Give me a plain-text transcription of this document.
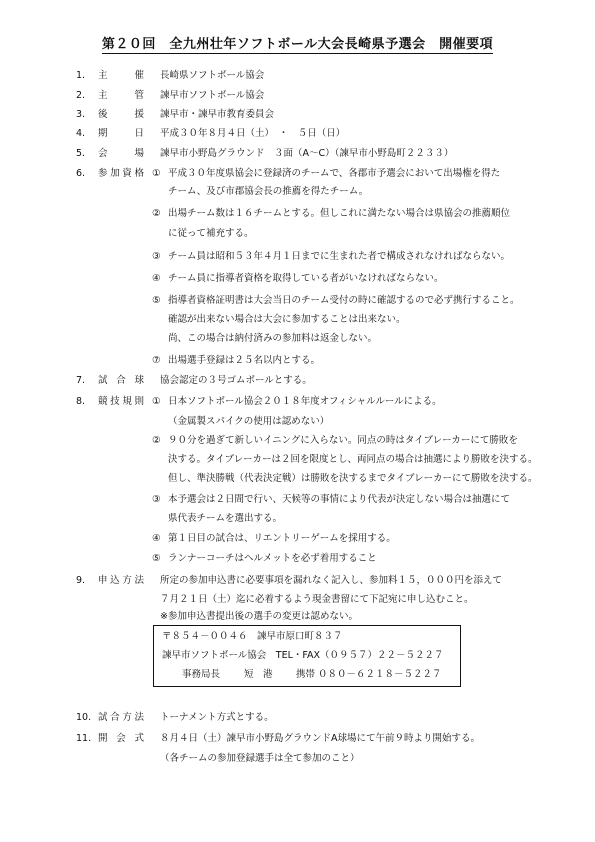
第２０回　全九州壮年ソフトボール大会長崎県予選会　開催要項
1. 主　　催 長崎県ソフトボール協会
2. 主　　管 諫早市ソフトボール協会
3. 後　　援 諫早市・諫早市教育委員会
4. 期　　日 平成３０年８月４日（土）　・　５日（日）
5. 会　　場 諫早市小野島グラウンド　３面（A～C）（諫早市小野島町２２３３）
6. 参加資格 ① 平成３０年度県協会に登録済のチームで、各郡市予選会において出場権を得た
チーム、及び市郡協会長の推薦を得たチーム。
② 出場チーム数は１６チームとする。但しこれに満たない場合は県協会の推薦順位
に従って補充する。
③ チーム員は昭和５３年４月１日までに生まれた者で構成されなければならない。
④ チーム員に指導者資格を取得している者がいなければならない。
⑤ 指導者資格証明書は大会当日のチーム受付の時に確認するので必ず携行すること。
確認が出来ない場合は大会に参加することは出来ない。
尚、この場合は納付済みの参加料は返金しない。
⑦ 出場選手登録は２５名以内とする。
7. 試 合 球 協会認定の３号ゴムボールとする。
8. 競技規則 ① 日本ソフトボール協会２０１８年度オフィシャルルールによる。
（金属製スパイクの使用は認めない）
② ９０分を過ぎて新しいイニングに入らない。同点の時はタイブレーカーにて勝敗を
決する。タイブレーカーは２回を限度とし、両同点の場合は抽選により勝敗を決する。
但し、準決勝戦（代表決定戦）は勝敗を決するまでタイブレーカーにて勝敗を決する。
③ 本予選会は２日間で行い、天候等の事情により代表が決定しない場合は抽選にて
県代表チームを選出する。
④ 第１日目の試合は、リエントリーゲームを採用する。
⑤ ランナーコーチはヘルメットを必ず着用すること
9. 申込方法 所定の参加申込書に必要事項を漏れなく記入し、参加料１５，０００円を添えて
７月２１日（土）迄に必着するよう現金書留にて下記宛に申し込むこと。
※参加申込書提出後の選手の変更は認めない。
〒８５４－００４６　諫早市原口町８３７
諫早市ソフトボール協会　TEL・FAX（０９５７）２２－５２２７
事務局長	短　港 携帯 ０８０－６２１８－５２２７
10. 試合方法 トーナメント方式とする。
11. 開 会 式 ８月４日（土）諫早市小野島グラウンドA球場にて午前９時より開始する。
（各チームの参加登録選手は全て参加のこと）
